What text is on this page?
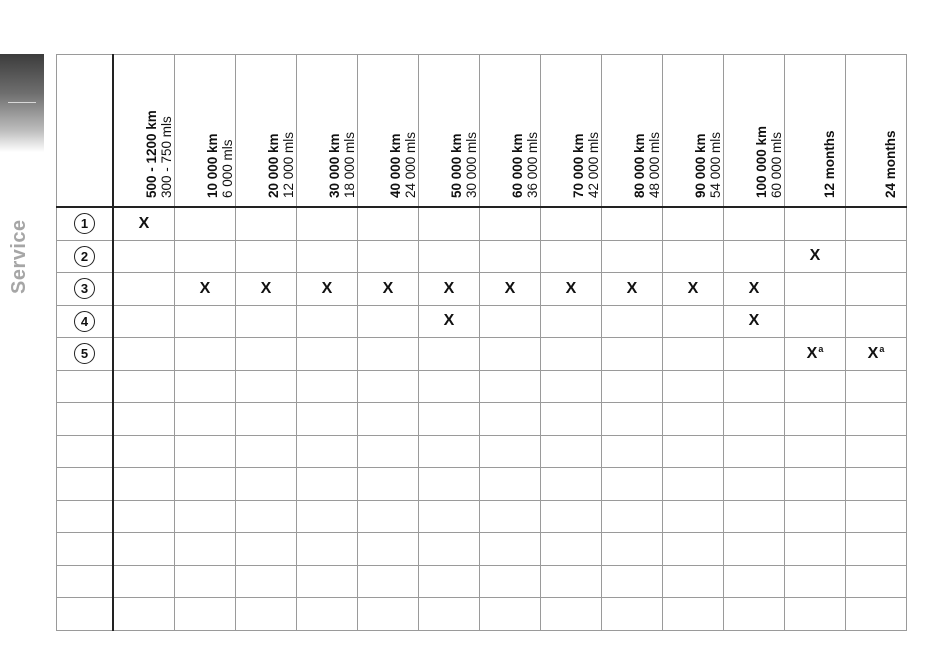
Service

	500 - 1200 km 300 - 750 mls	10 000 km 6 000 mls	20 000 km 12 000 mls	30 000 km 18 000 mls	40 000 km 24 000 mls	50 000 km 30 000 mls	60 000 km 36 000 mls	70 000 km 42 000 mls	80 000 km 48 000 mls	90 000 km 54 000 mls	100 000 km 60 000 mls	12 months	24 months

1	X												
2												X	
3		X	X	X	X	X	X	X	X	X	X		
4						X					X		
5												$X^a$	$X^a$
